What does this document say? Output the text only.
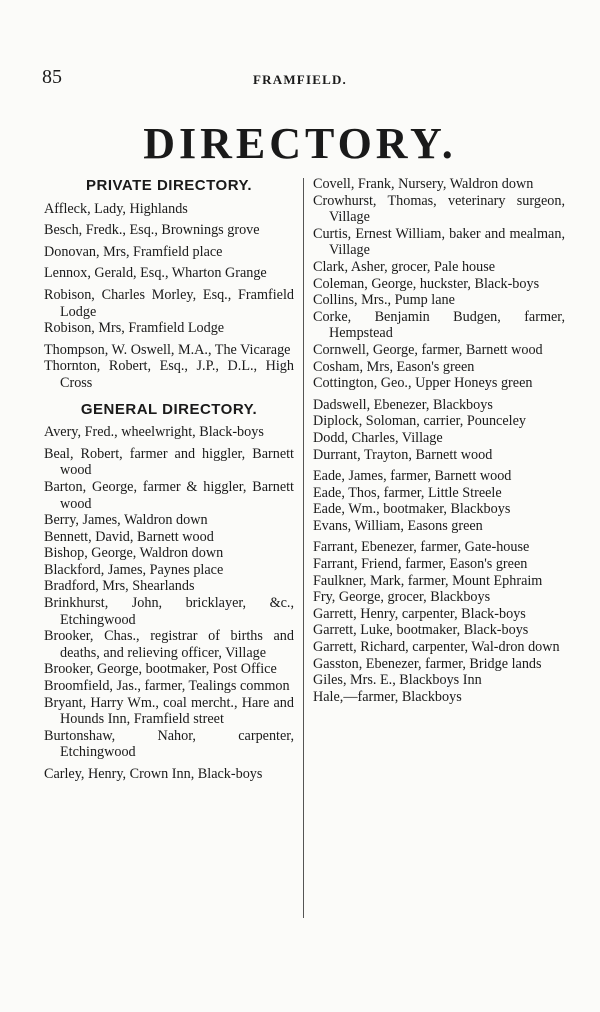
85	FRAMFIELD.
DIRECTORY.
PRIVATE DIRECTORY.
Affleck, Lady, Highlands
Besch, Fredk., Esq., Brownings grove
Donovan, Mrs, Framfield place
Lennox, Gerald, Esq., Wharton Grange
Robison, Charles Morley, Esq., Framfield Lodge
Robison, Mrs, Framfield Lodge
Thompson, W. Oswell, M.A., The Vicarage
Thornton, Robert, Esq., J.P., D.L., High Cross
GENERAL DIRECTORY.
Avery, Fred., wheelwright, Black-boys
Beal, Robert, farmer and higgler, Barnett wood
Barton, George, farmer & higgler, Barnett wood
Berry, James, Waldron down
Bennett, David, Barnett wood
Bishop, George, Waldron down
Blackford, James, Paynes place
Bradford, Mrs, Shearlands
Brinkhurst, John, bricklayer, &c., Etchingwood
Brooker, Chas., registrar of births and deaths, and relieving officer, Village
Brooker, George, bootmaker, Post Office
Broomfield, Jas., farmer, Tealings common
Bryant, Harry Wm., coal mercht., Hare and Hounds Inn, Framfield street
Burtonshaw, Nahor, carpenter, Etchingwood
Carley, Henry, Crown Inn, Black-boys
Covell, Frank, Nursery, Waldron down
Crowhurst, Thomas, veterinary surgeon, Village
Curtis, Ernest William, baker and mealman, Village
Clark, Asher, grocer, Pale house
Coleman, George, huckster, Black-boys
Collins, Mrs., Pump lane
Corke, Benjamin Budgen, farmer, Hempstead
Cornwell, George, farmer, Barnett wood
Cosham, Mrs, Eason's green
Cottington, Geo., Upper Honeys green
Dadswell, Ebenezer, Blackboys
Diplock, Soloman, carrier, Pounceley
Dodd, Charles, Village
Durrant, Trayton, Barnett wood
Eade, James, farmer, Barnett wood
Eade, Thos, farmer, Little Streele
Eade, Wm., bootmaker, Blackboys
Evans, William, Easons green
Farrant, Ebenezer, farmer, Gate-house
Farrant, Friend, farmer, Eason's green
Faulkner, Mark, farmer, Mount Ephraim
Fry, George, grocer, Blackboys
Garrett, Henry, carpenter, Black-boys
Garrett, Luke, bootmaker, Black-boys
Garrett, Richard, carpenter, Wal-dron down
Gasston, Ebenezer, farmer, Bridge lands
Giles, Mrs. E., Blackboys Inn
Hale,—farmer, Blackboys
